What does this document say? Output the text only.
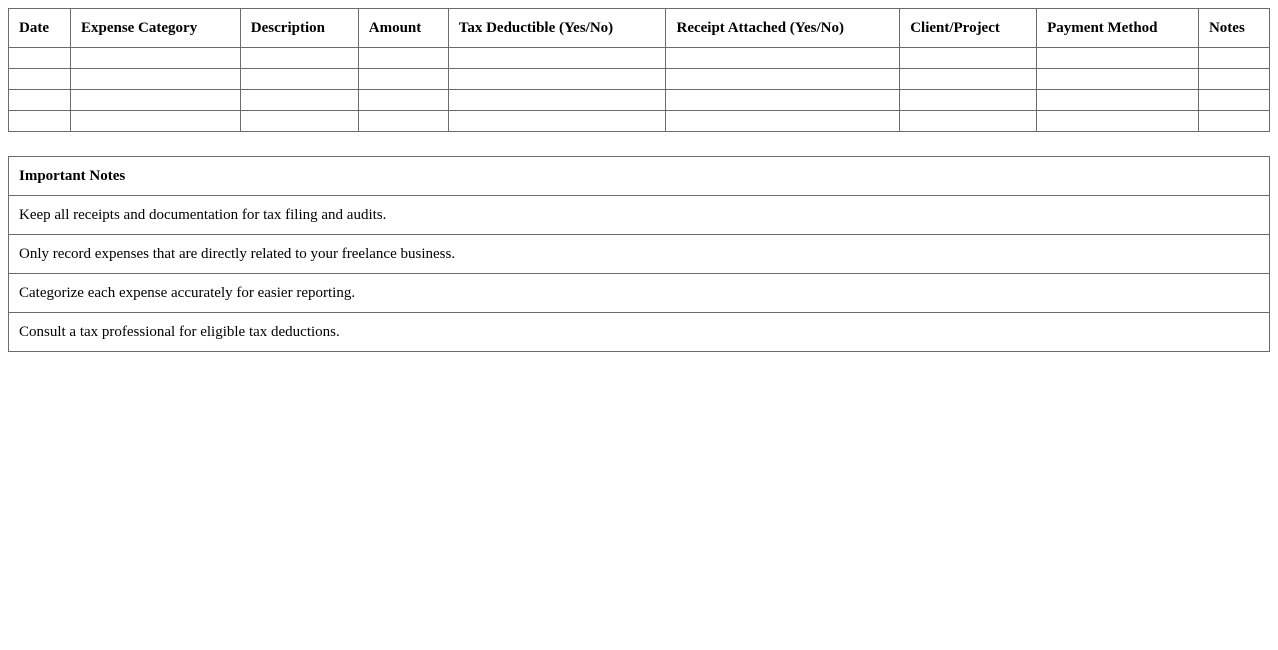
Date	Expense Category	Description	Amount	Tax Deductible (Yes/No)	Receipt Attached (Yes/No)	Client/Project	Payment Method	Notes

Important Notes
Keep all receipts and documentation for tax filing and audits.
Only record expenses that are directly related to your freelance business.
Categorize each expense accurately for easier reporting.
Consult a tax professional for eligible tax deductions.
